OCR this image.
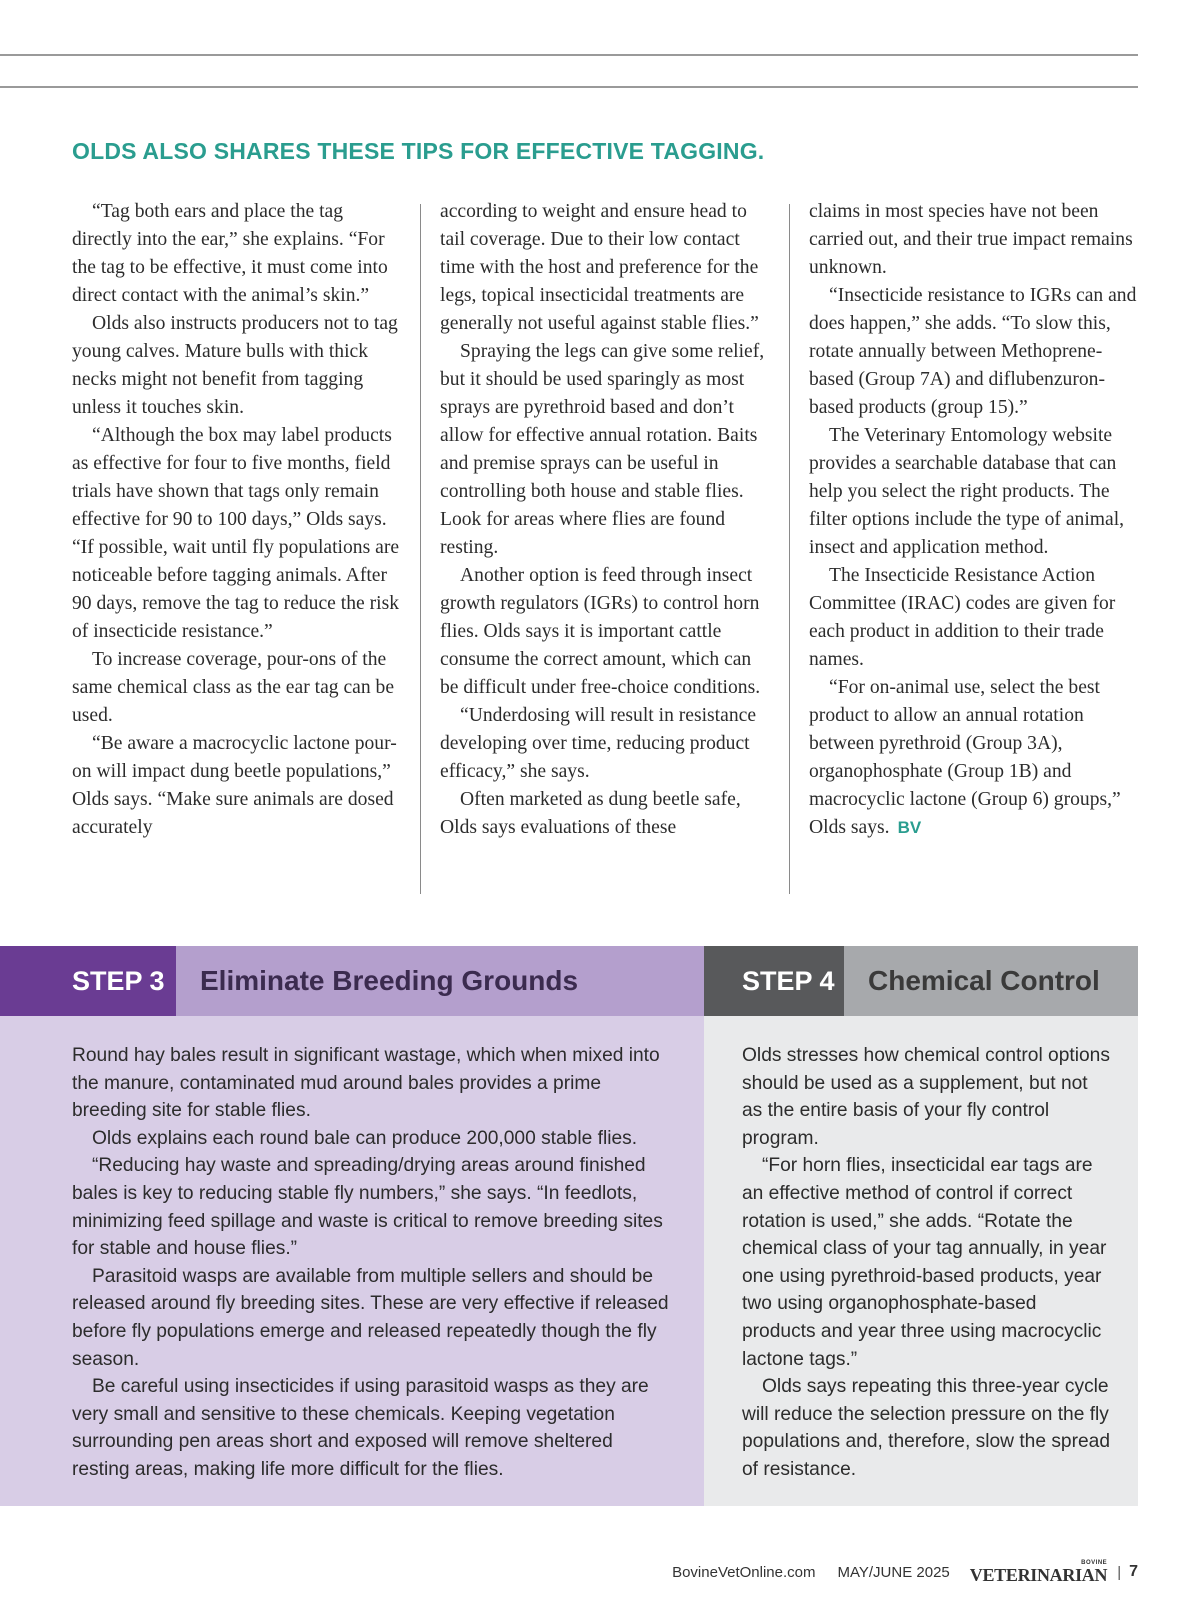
OLDS ALSO SHARES THESE TIPS FOR EFFECTIVE TAGGING.

“Tag both ears and place the tag directly into the ear,” she explains. “For the tag to be effective, it must come into direct contact with the animal’s skin.”

Olds also instructs producers not to tag young calves. Mature bulls with thick necks might not benefit from tagging unless it touches skin.

“Although the box may label products as effective for four to five months, field trials have shown that tags only remain effective for 90 to 100 days,” Olds says. “If possible, wait until fly populations are noticeable before tagging animals. After 90 days, remove the tag to reduce the risk of insecticide resistance.”

To increase coverage, pour-ons of the same chemical class as the ear tag can be used.

“Be aware a macrocyclic lactone pour-on will impact dung beetle populations,” Olds says. “Make sure animals are dosed accurately

according to weight and ensure head to tail coverage. Due to their low contact time with the host and preference for the legs, topical insecticidal treatments are generally not useful against stable flies.”

Spraying the legs can give some relief, but it should be used sparingly as most sprays are pyrethroid based and don’t allow for effective annual rotation. Baits and premise sprays can be useful in controlling both house and stable flies. Look for areas where flies are found resting.

Another option is feed through insect growth regulators (IGRs) to control horn flies. Olds says it is important cattle consume the correct amount, which can be difficult under free-choice conditions.

“Underdosing will result in resistance developing over time, reducing product efficacy,” she says.

Often marketed as dung beetle safe, Olds says evaluations of these

claims in most species have not been carried out, and their true impact remains unknown.

“Insecticide resistance to IGRs can and does happen,” she adds. “To slow this, rotate annually between Methoprene-based (Group 7A) and diflubenzuron-based products (group 15).”

The Veterinary Entomology website provides a searchable database that can help you select the right products. The filter options include the type of animal, insect and application method.

The Insecticide Resistance Action Committee (IRAC) codes are given for each product in addition to their trade names.

“For on-animal use, select the best product to allow an annual rotation between pyrethroid (Group 3A), organophosphate (Group 1B) and macrocyclic lactone (Group 6) groups,” Olds says. BV

STEP 3	Eliminate Breeding Grounds

Round hay bales result in significant wastage, which when mixed into the manure, contaminated mud around bales provides a prime breeding site for stable flies.

Olds explains each round bale can produce 200,000 stable flies.

“Reducing hay waste and spreading/drying areas around finished bales is key to reducing stable fly numbers,” she says. “In feedlots, minimizing feed spillage and waste is critical to remove breeding sites for stable and house flies.”

Parasitoid wasps are available from multiple sellers and should be released around fly breeding sites. These are very effective if released before fly populations emerge and released repeatedly though the fly season.

Be careful using insecticides if using parasitoid wasps as they are very small and sensitive to these chemicals. Keeping vegetation surrounding pen areas short and exposed will remove sheltered resting areas, making life more difficult for the flies.

STEP 4	Chemical Control

Olds stresses how chemical control options should be used as a supplement, but not as the entire basis of your fly control program.

“For horn flies, insecticidal ear tags are an effective method of control if correct rotation is used,” she adds. “Rotate the chemical class of your tag annually, in year one using pyrethroid-based products, year two using organophosphate-based products and year three using macrocyclic lactone tags.”

Olds says repeating this three-year cycle will reduce the selection pressure on the fly populations and, therefore, slow the spread of resistance.

BovineVetOnline.com MAY/JUNE 2025
BOVINE
VETERINARIAN | 7
